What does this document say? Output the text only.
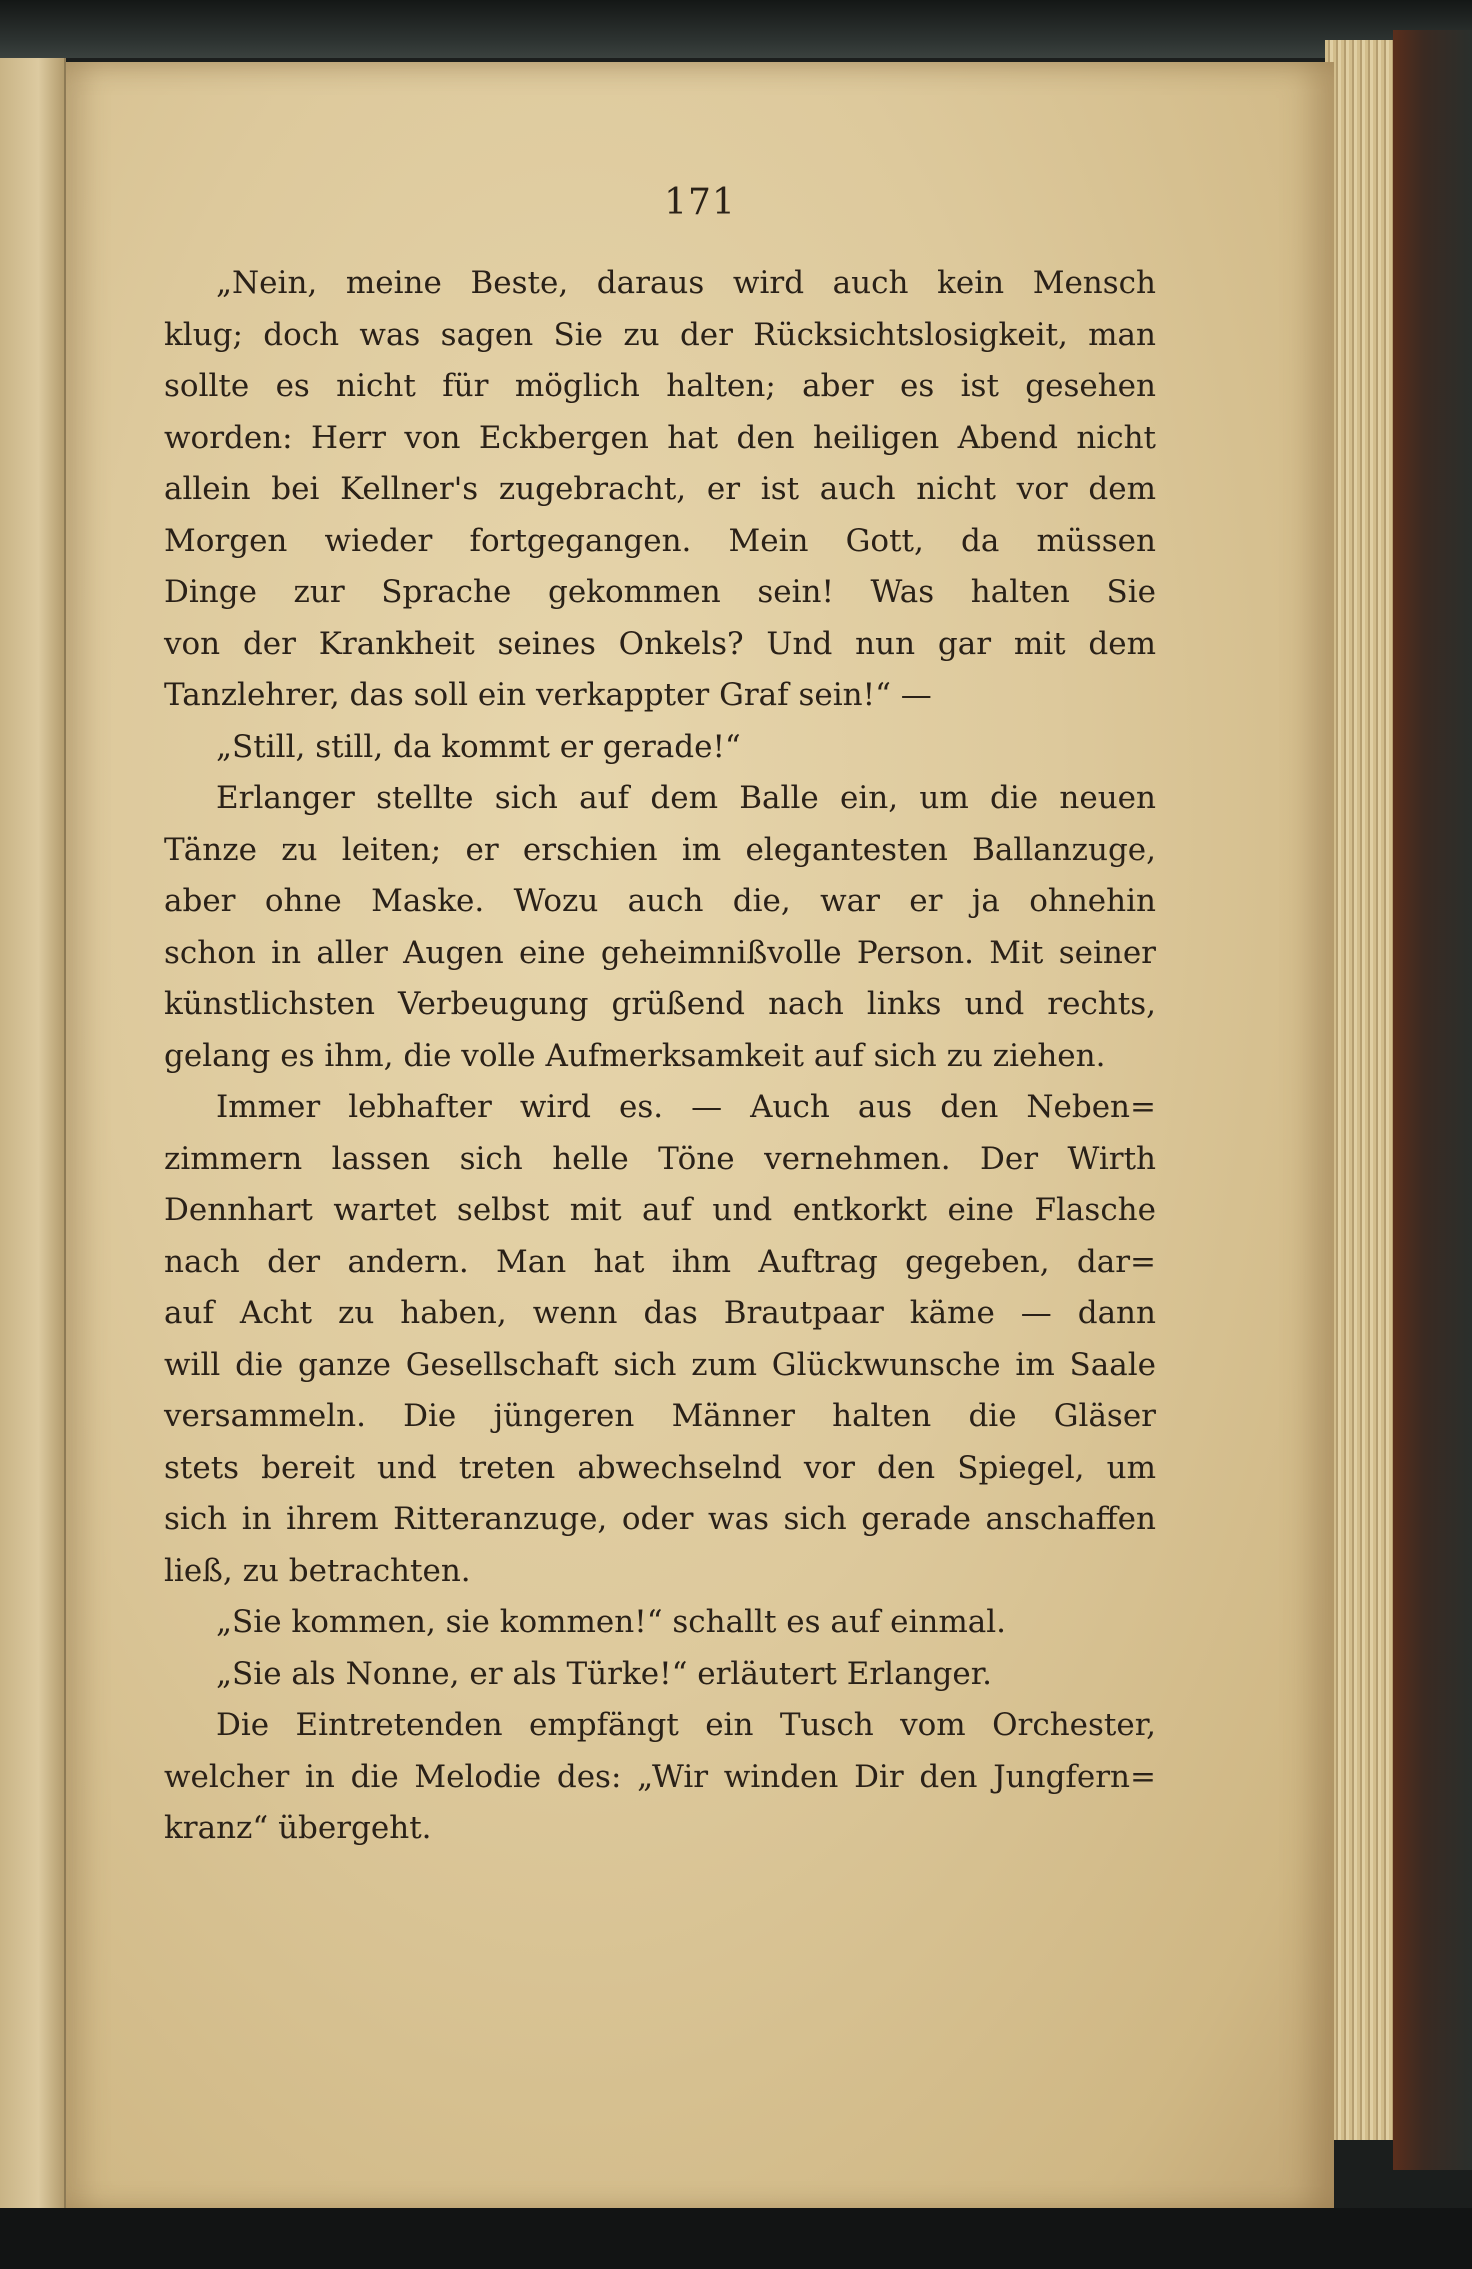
171

„Nein, meine Beste, daraus wird auch kein Mensch
klug; doch was sagen Sie zu der Rücksichtslosigkeit, man
sollte es nicht für möglich halten; aber es ist gesehen
worden: Herr von Eckbergen hat den heiligen Abend nicht
allein bei Kellner's zugebracht, er ist auch nicht vor dem
Morgen wieder fortgegangen. Mein Gott, da müssen
Dinge zur Sprache gekommen sein! Was halten Sie
von der Krankheit seines Onkels? Und nun gar mit dem
Tanzlehrer, das soll ein verkappter Graf sein!“ —

„Still, still, da kommt er gerade!“

Erlanger stellte sich auf dem Balle ein, um die neuen
Tänze zu leiten; er erschien im elegantesten Ballanzuge,
aber ohne Maske. Wozu auch die, war er ja ohnehin
schon in aller Augen eine geheimnißvolle Person. Mit seiner
künstlichsten Verbeugung grüßend nach links und rechts,
gelang es ihm, die volle Aufmerksamkeit auf sich zu ziehen.

Immer lebhafter wird es. — Auch aus den Neben=
zimmern lassen sich helle Töne vernehmen. Der Wirth
Dennhart wartet selbst mit auf und entkorkt eine Flasche
nach der andern. Man hat ihm Auftrag gegeben, dar=
auf Acht zu haben, wenn das Brautpaar käme — dann
will die ganze Gesellschaft sich zum Glückwunsche im Saale
versammeln. Die jüngeren Männer halten die Gläser
stets bereit und treten abwechselnd vor den Spiegel, um
sich in ihrem Ritteranzuge, oder was sich gerade anschaffen
ließ, zu betrachten.

„Sie kommen, sie kommen!“ schallt es auf einmal.

„Sie als Nonne, er als Türke!“ erläutert Erlanger.

Die Eintretenden empfängt ein Tusch vom Orchester,
welcher in die Melodie des: „Wir winden Dir den Jungfern=
kranz“ übergeht.
